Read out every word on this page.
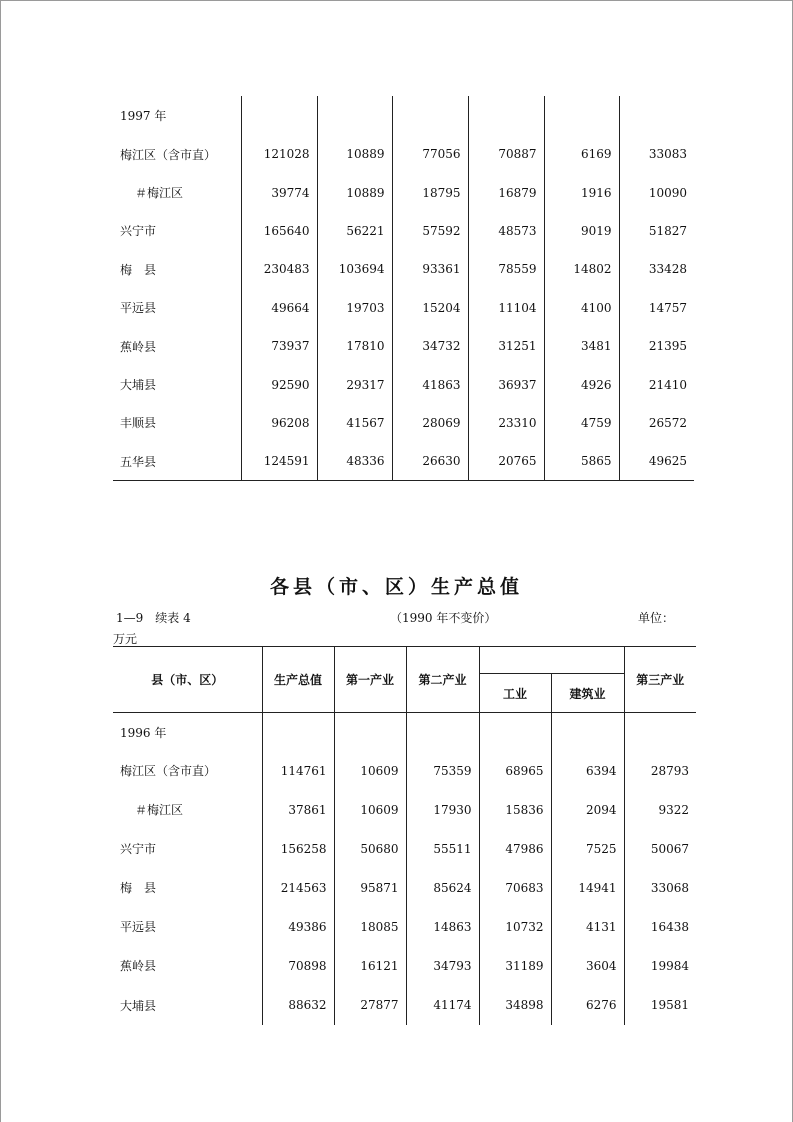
1997 年						
梅江区（含市直）	121028	10889	77056	70887	6169	33083
＃梅江区	39774	10889	18795	16879	1916	10090
兴宁市	165640	56221	57592	48573	9019	51827
梅　县	230483	103694	93361	78559	14802	33428
平远县	49664	19703	15204	11104	4100	14757
蕉岭县	73937	17810	34732	31251	3481	21395
大埔县	92590	29317	41863	36937	4926	21410
丰顺县	96208	41567	28069	23310	4759	26572
五华县	124591	48336	26630	20765	5865	49625
各县（市、区）生产总值
1—9　续表 4	（1990 年不变价）	单位：
万元
县（市、区）	生产总值	第一产业	第二产业			第三产业
				工业	建筑业	
1996 年						
梅江区（含市直）	114761	10609	75359	68965	6394	28793
＃梅江区	37861	10609	17930	15836	2094	9322
兴宁市	156258	50680	55511	47986	7525	50067
梅　县	214563	95871	85624	70683	14941	33068
平远县	49386	18085	14863	10732	4131	16438
蕉岭县	70898	16121	34793	31189	3604	19984
大埔县	88632	27877	41174	34898	6276	19581
